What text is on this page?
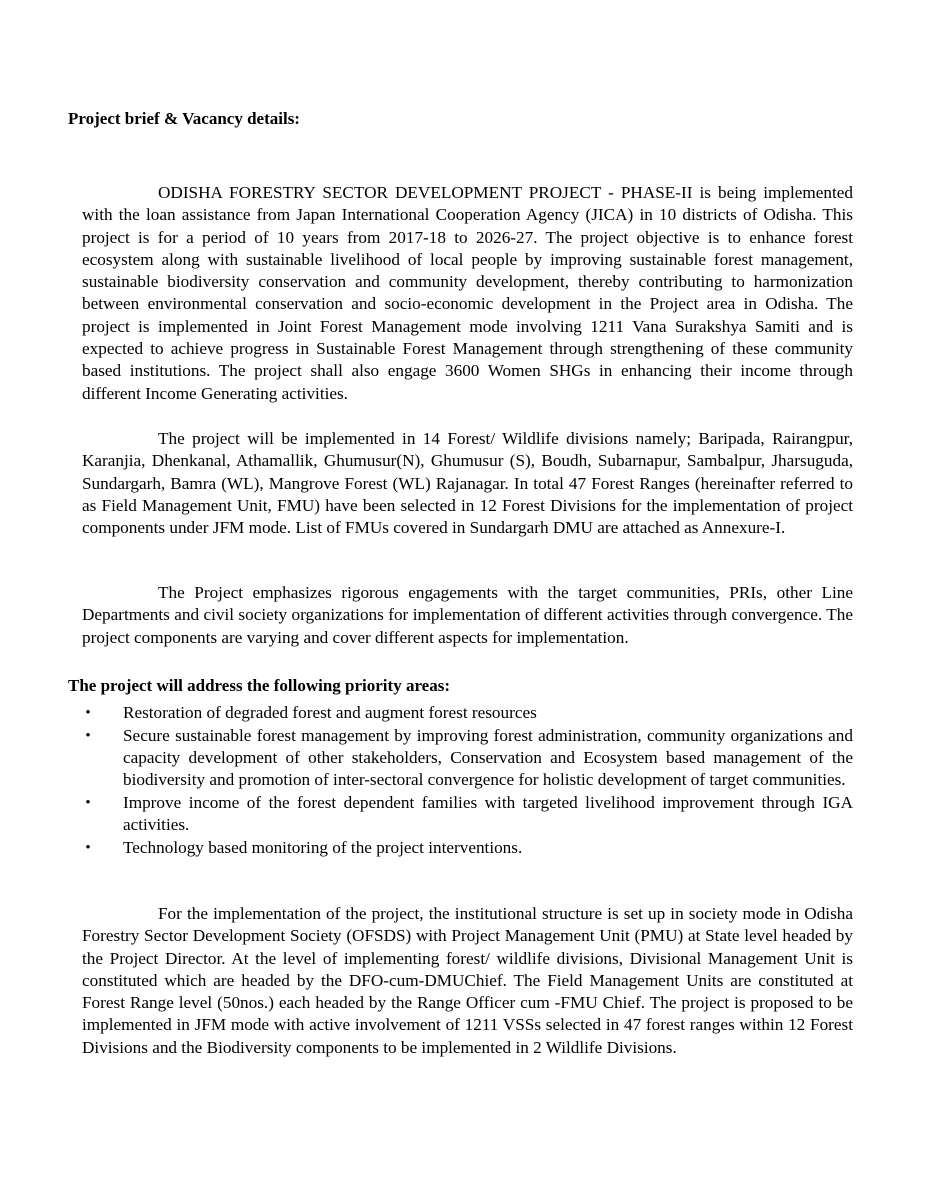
Project brief & Vacancy details:

ODISHA FORESTRY SECTOR DEVELOPMENT PROJECT - PHASE-II is being implemented with the loan assistance from Japan International Cooperation Agency (JICA) in 10 districts of Odisha. This project is for a period of 10 years from 2017-18 to 2026-27. The project objective is to enhance forest ecosystem along with sustainable livelihood of local people by improving sustainable forest management, sustainable biodiversity conservation and community development, thereby contributing to harmonization between environmental conservation and socio-economic development in the Project area in Odisha. The project is implemented in Joint Forest Management mode involving 1211 Vana Surakshya Samiti and is expected to achieve progress in Sustainable Forest Management through strengthening of these community based institutions. The project shall also engage 3600 Women SHGs in enhancing their income through different Income Generating activities.

The project will be implemented in 14 Forest/ Wildlife divisions namely; Baripada, Rairangpur, Karanjia, Dhenkanal, Athamallik, Ghumusur(N), Ghumusur (S), Boudh, Subarnapur, Sambalpur, Jharsuguda, Sundargarh, Bamra (WL), Mangrove Forest (WL) Rajanagar. In total 47 Forest Ranges (hereinafter referred to as Field Management Unit, FMU) have been selected in 12 Forest Divisions for the implementation of project components under JFM mode. List of FMUs covered in Sundargarh DMU are attached as Annexure-I.

The Project emphasizes rigorous engagements with the target communities, PRIs, other Line Departments and civil society organizations for implementation of different activities through convergence. The project components are varying and cover different aspects for implementation.

The project will address the following priority areas:
• Restoration of degraded forest and augment forest resources
• Secure sustainable forest management by improving forest administration, community organizations and capacity development of other stakeholders, Conservation and Ecosystem based management of the biodiversity and promotion of inter-sectoral convergence for holistic development of target communities.
• Improve income of the forest dependent families with targeted livelihood improvement through IGA activities.
• Technology based monitoring of the project interventions.

For the implementation of the project, the institutional structure is set up in society mode in Odisha Forestry Sector Development Society (OFSDS) with Project Management Unit (PMU) at State level headed by the Project Director. At the level of implementing forest/ wildlife divisions, Divisional Management Unit is constituted which are headed by the DFO-cum-DMUChief. The Field Management Units are constituted at Forest Range level (50nos.) each headed by the Range Officer cum -FMU Chief. The project is proposed to be implemented in JFM mode with active involvement of 1211 VSSs selected in 47 forest ranges within 12 Forest Divisions and the Biodiversity components to be implemented in 2 Wildlife Divisions.
